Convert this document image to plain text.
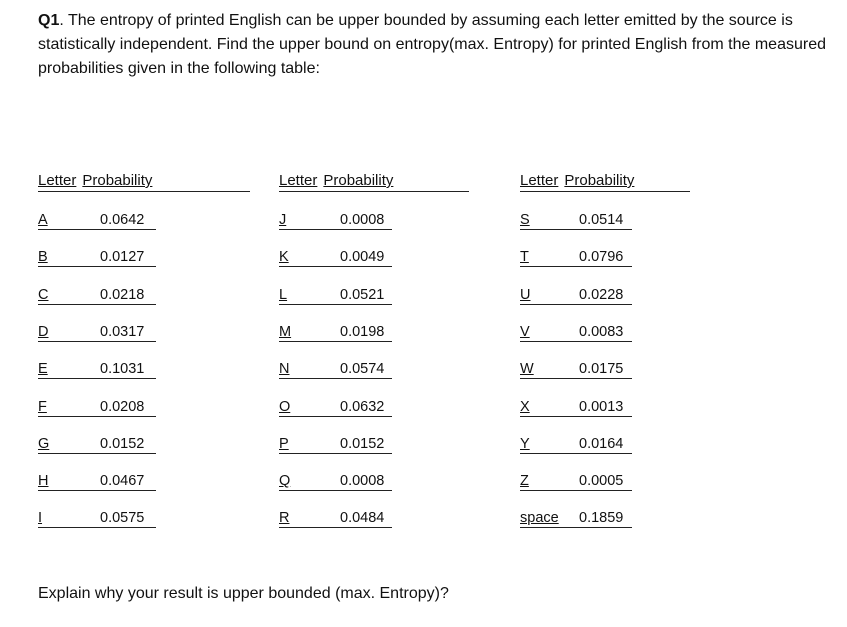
Q1. The entropy of printed English can be upper bounded by assuming each letter emitted by the source is statistically independent. Find the upper bound on entropy(max. Entropy) for printed English from the measured probabilities given in the following table:

Letter Probability
A	0.0642
B	0.0127
C	0.0218
D	0.0317
E	0.1031
F	0.0208
G	0.0152
H	0.0467
I	0.0575
Letter Probability
J	0.0008
K	0.0049
L	0.0521
M	0.0198
N	0.0574
O	0.0632
P	0.0152
Q	0.0008
R	0.0484
Letter Probability
S	0.0514
T	0.0796
U	0.0228
V	0.0083
W	0.0175
X	0.0013
Y	0.0164
Z	0.0005
space 0.1859

Explain why your result is upper bounded (max. Entropy)?
